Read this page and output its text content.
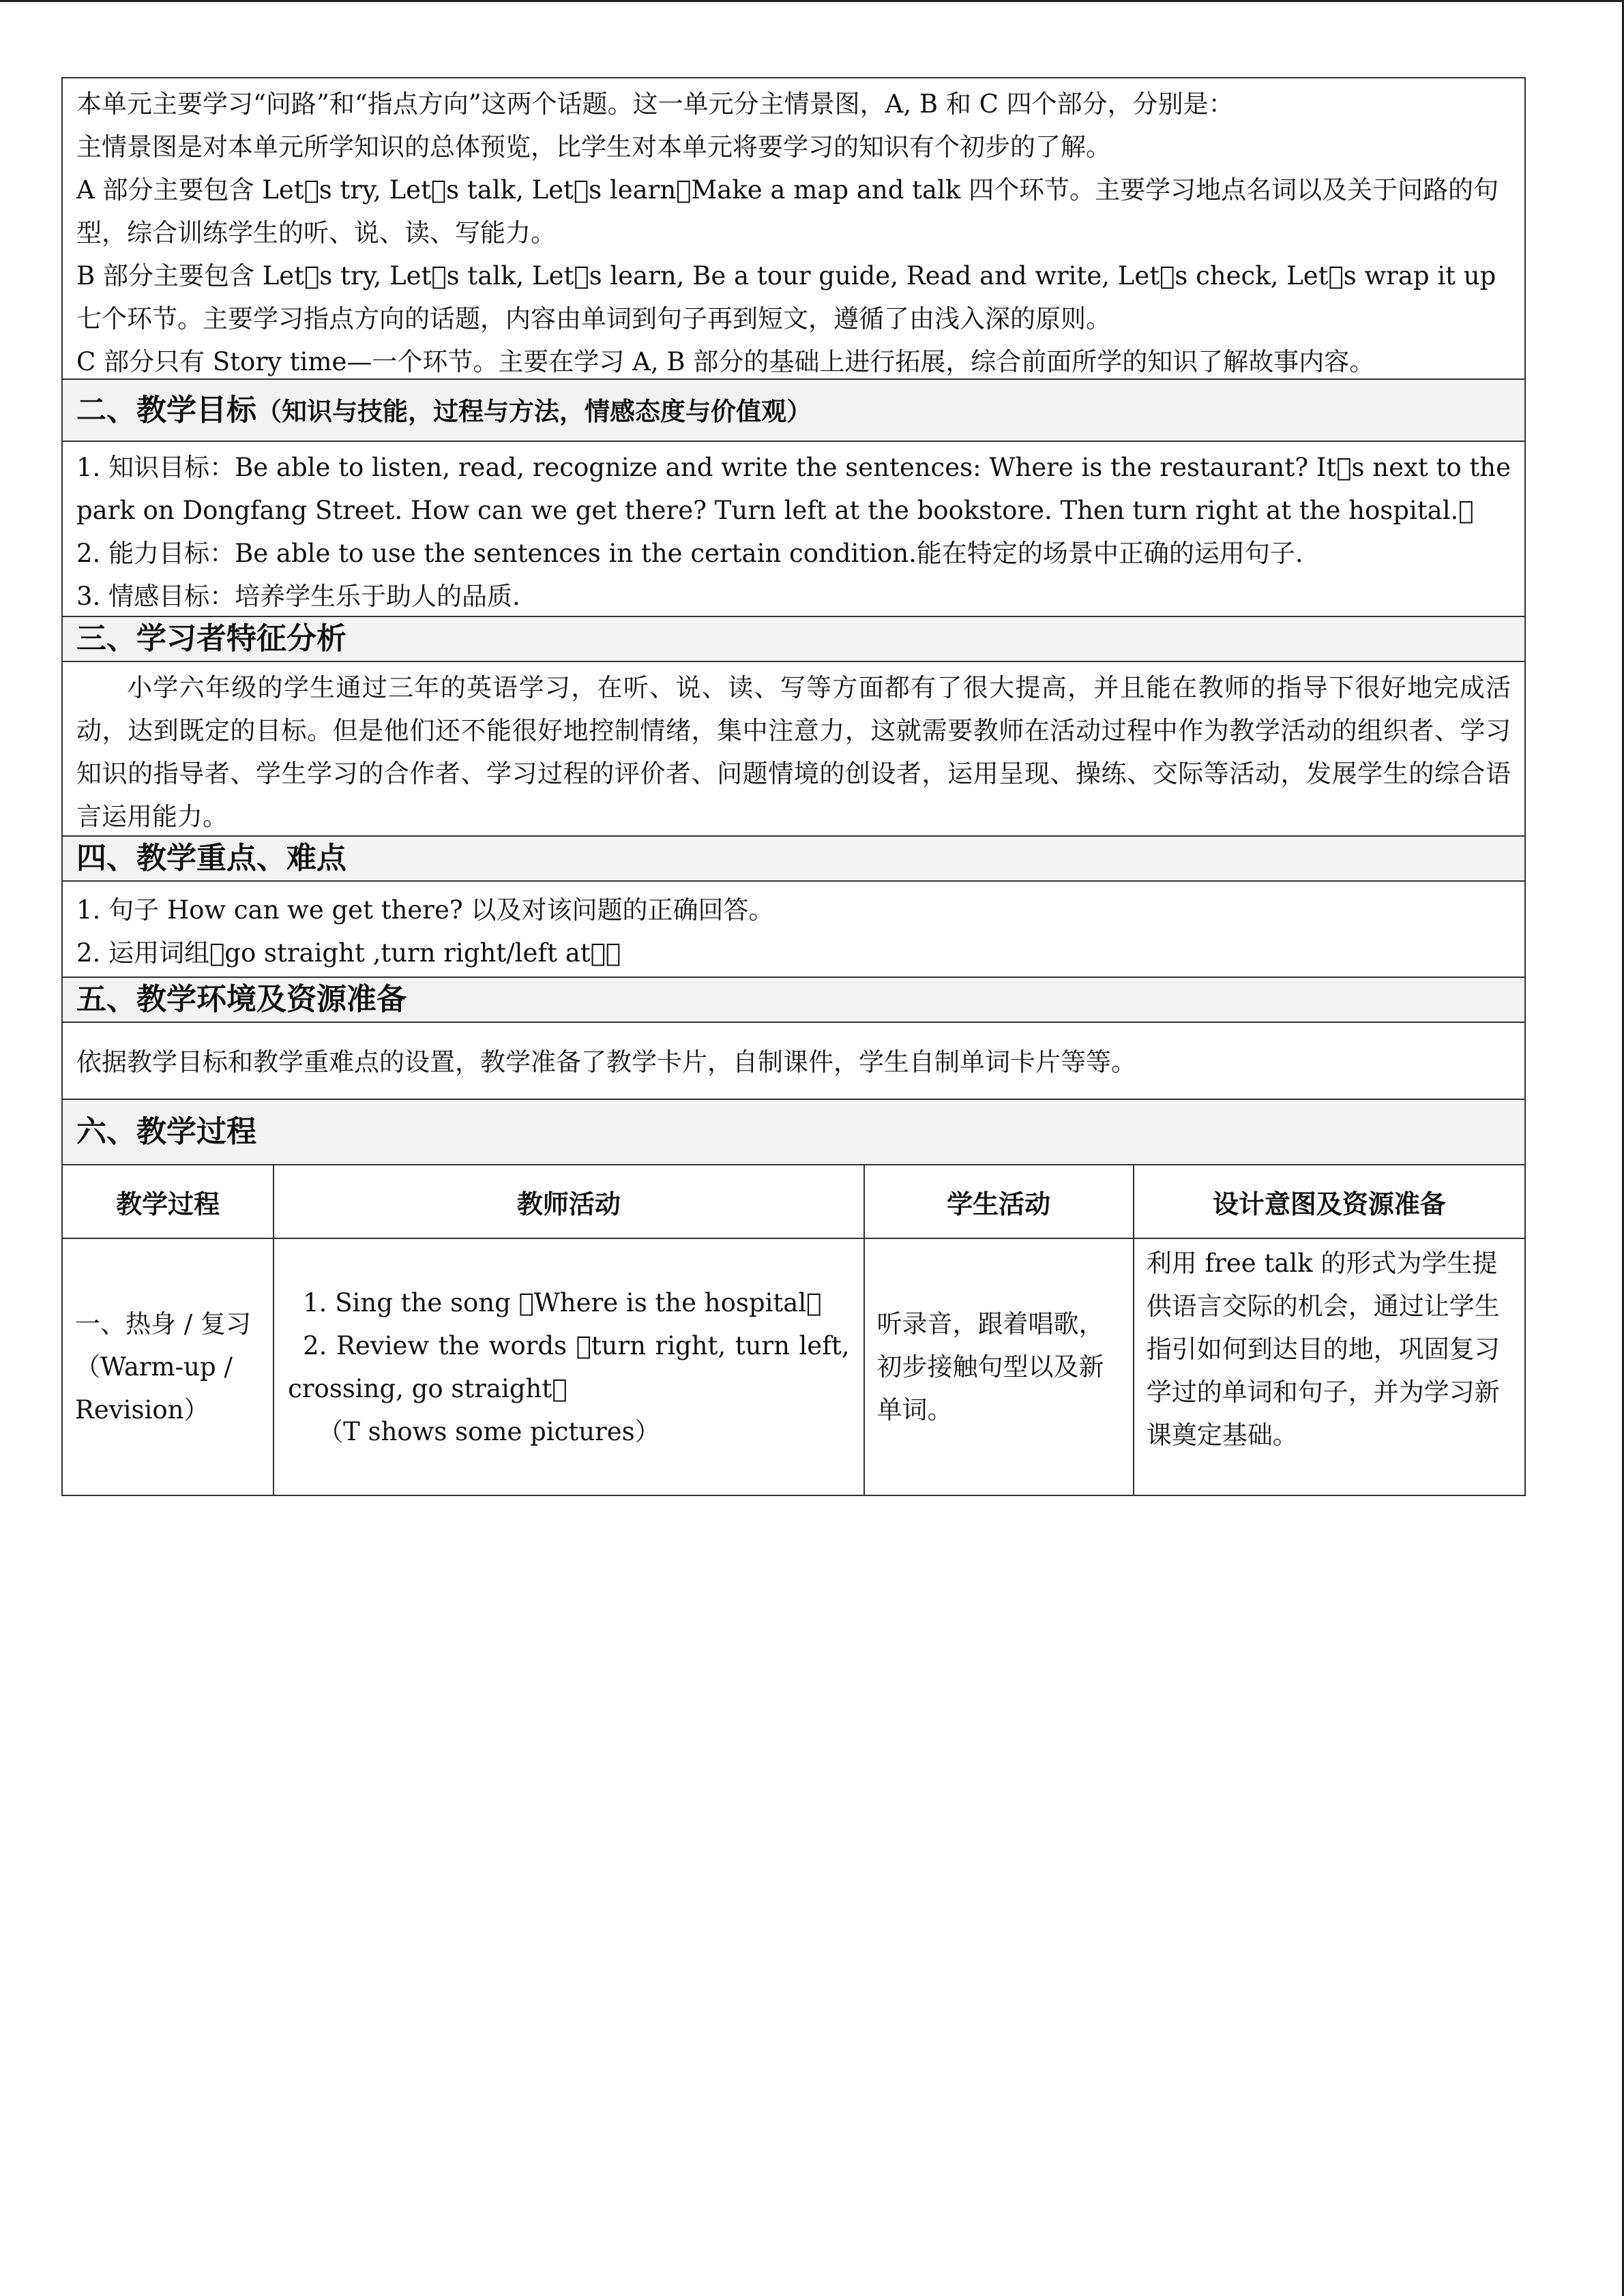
本单元主要学习“问路”和“指点方向”这两个话题。这一单元分主情景图，A, B 和 C 四个部分，分别是：

主情景图是对本单元所学知识的总体预览，比学生对本单元将要学习的知识有个初步的了解。

A 部分主要包含 Let s try, Let s talk, Let s learn，Make a map and talk 四个环节。主要学习地点名词以及关于问路的句型，综合训练学生的听、说、读、写能力。

B 部分主要包含 Let s try, Let s talk, Let s learn, Be a tour guide, Read and write, Let s check, Let s wrap it up 七个环节。主要学习指点方向的话题，内容由单词到句子再到短文，遵循了由浅入深的原则。

C 部分只有 Story time—一个环节。主要在学习 A, B 部分的基础上进行拓展，综合前面所学的知识了解故事内容。

二、教学目标（知识与技能，过程与方法，情感态度与价值观）

1. 知识目标：Be able to listen, read, recognize and write the sentences: Where is the restaurant? It s next to the park on Dongfang Street. How can we get there? Turn left at the bookstore. Then turn right at the hospital. 

2. 能力目标：Be able to use the sentences in the certain condition.能在特定的场景中正确的运用句子.

3. 情感目标：培养学生乐于助人的品质.

三、学习者特征分析

小学六年级的学生通过三年的英语学习，在听、说、读、写等方面都有了很大提高，并且能在教师的指导下很好地完成活动，达到既定的目标。但是他们还不能很好地控制情绪，集中注意力，这就需要教师在活动过程中作为教学活动的组织者、学习知识的指导者、学生学习的合作者、学习过程的评价者、问题情境的创设者，运用呈现、操练、交际等活动，发展学生的综合语言运用能力。

四、教学重点、难点

1. 句子 How can we get there? 以及对该问题的正确回答。

2. 运用词组 go straight ,turn right/left at  

五、教学环境及资源准备

依据教学目标和教学重难点的设置，教学准备了教学卡片，自制课件，学生自制单词卡片等等。

六、教学过程
教学过程	教师活动	学生活动	设计意图及资源准备
一、热身 / 复习（Warm-up / Revision）	1. Sing the song  Where is the hospital 
2. Review the words  turn right, turn left, crossing, go straight 
（T shows some pictures）	听录音，跟着唱歌，初步接触句型以及新单词。	利用 free talk 的形式为学生提供语言交际的机会，通过让学生指引如何到达目的地，巩固复习学过的单词和句子，并为学习新课奠定基础。
